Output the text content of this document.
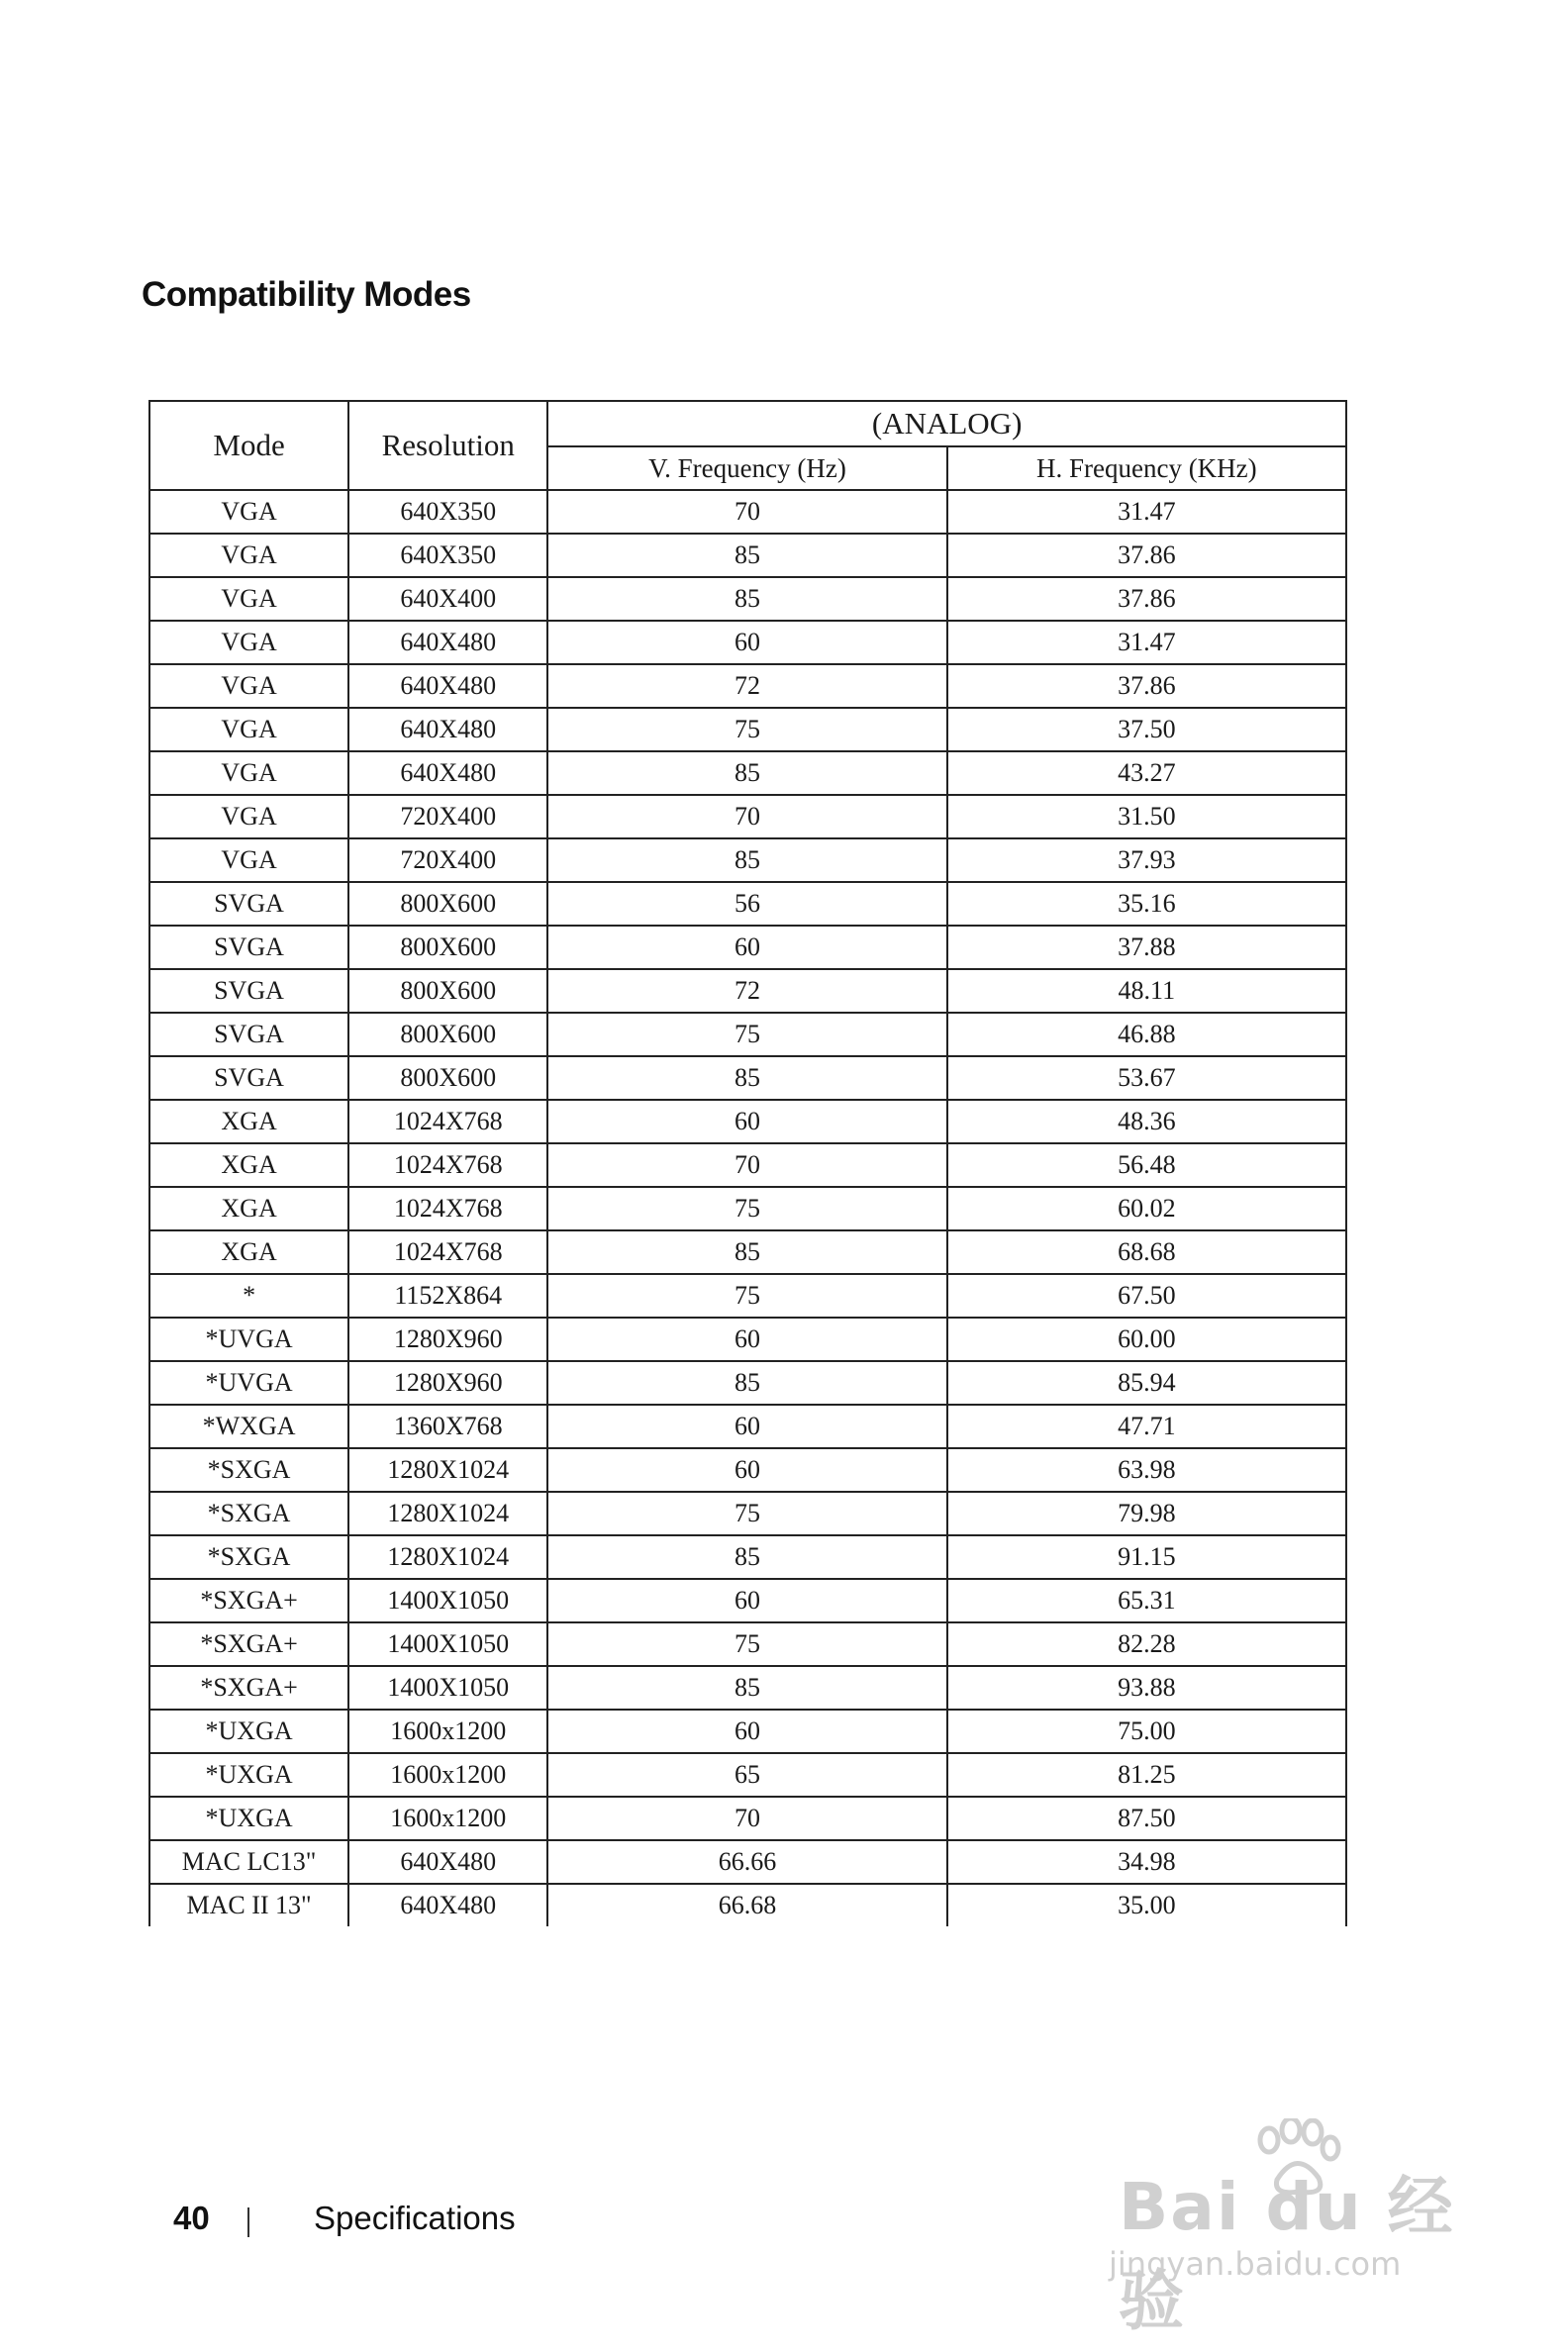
Compatibility Modes
Mode	Resolution	(ANALOG)	
		V. Frequency (Hz)	H. Frequency (KHz)
VGA	640X350	70	31.47
VGA	640X350	85	37.86
VGA	640X400	85	37.86
VGA	640X480	60	31.47
VGA	640X480	72	37.86
VGA	640X480	75	37.50
VGA	640X480	85	43.27
VGA	720X400	70	31.50
VGA	720X400	85	37.93
SVGA	800X600	56	35.16
SVGA	800X600	60	37.88
SVGA	800X600	72	48.11
SVGA	800X600	75	46.88
SVGA	800X600	85	53.67
XGA	1024X768	60	48.36
XGA	1024X768	70	56.48
XGA	1024X768	75	60.02
XGA	1024X768	85	68.68
*	1152X864	75	67.50
*UVGA	1280X960	60	60.00
*UVGA	1280X960	85	85.94
*WXGA	1360X768	60	47.71
*SXGA	1280X1024	60	63.98
*SXGA	1280X1024	75	79.98
*SXGA	1280X1024	85	91.15
*SXGA+	1400X1050	60	65.31
*SXGA+	1400X1050	75	82.28
*SXGA+	1400X1050	85	93.88
*UXGA	1600x1200	60	75.00
*UXGA	1600x1200	65	81.25
*UXGA	1600x1200	70	87.50
MAC LC13"	640X480	66.66	34.98
MAC II 13"	640X480	66.68	35.00
40	Specifications	Bai du 经验
jingyan.baidu.com
